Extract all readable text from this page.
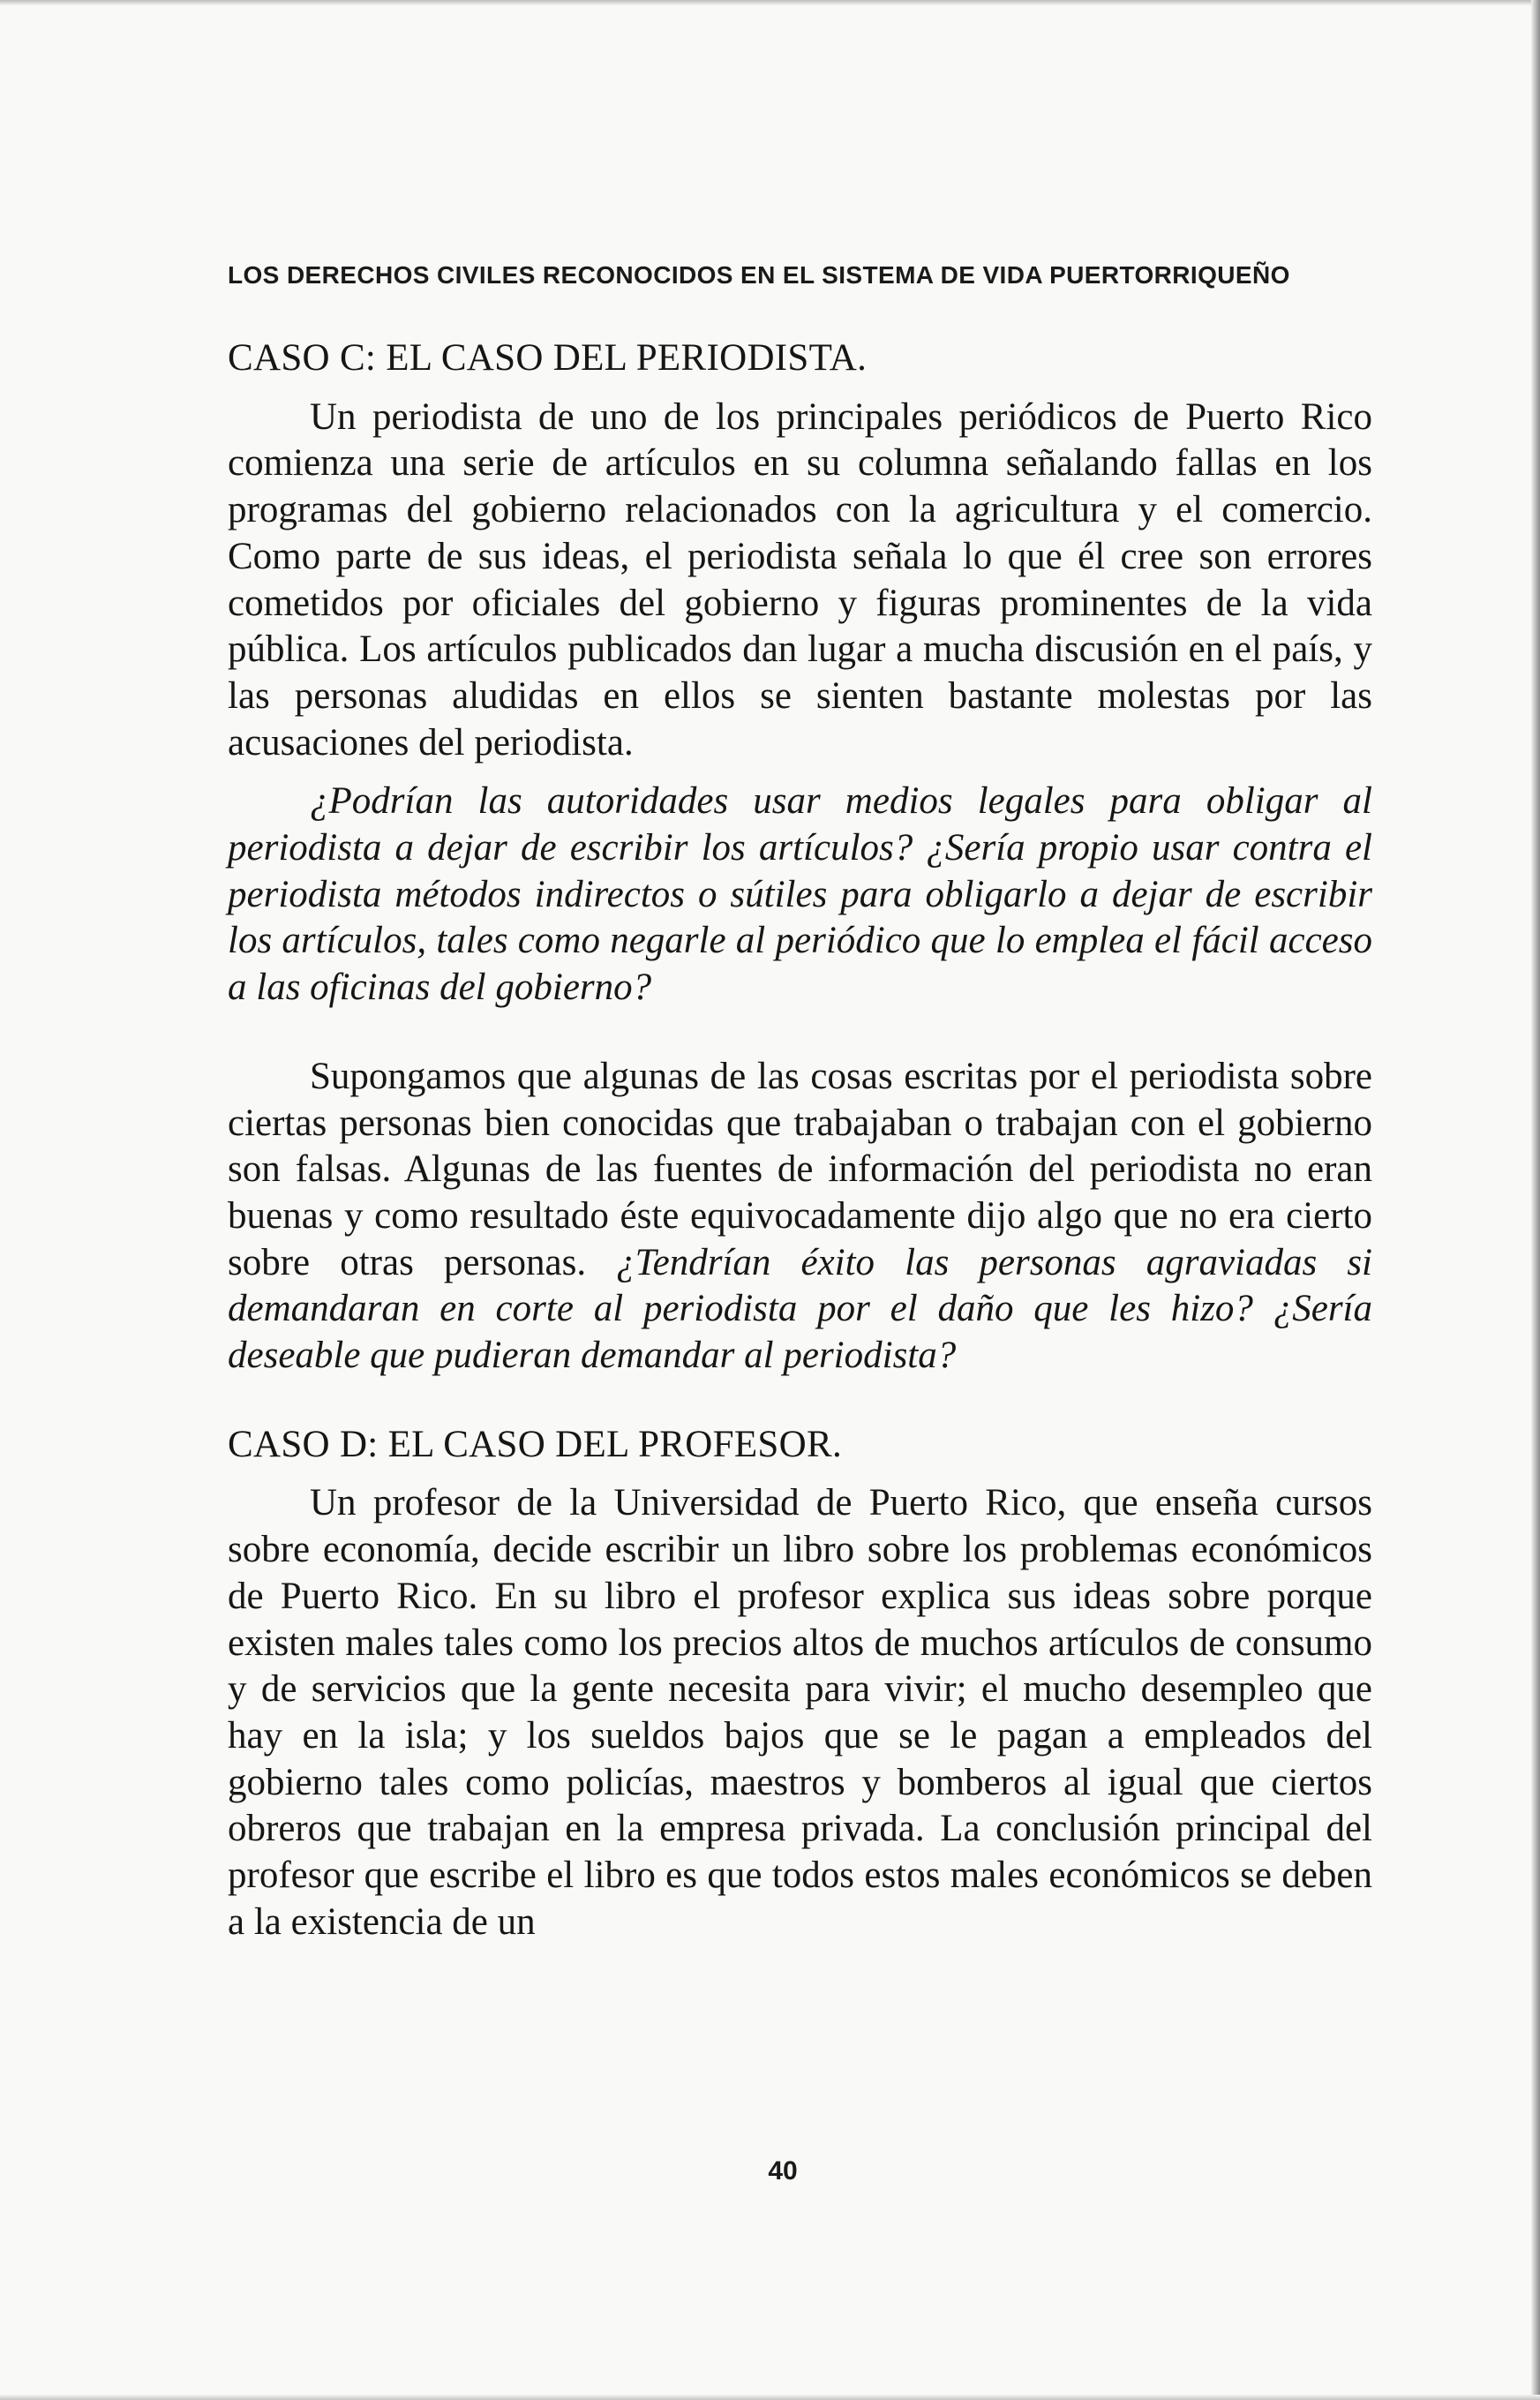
LOS DERECHOS CIVILES RECONOCIDOS EN EL SISTEMA DE VIDA PUERTORRIQUEÑO

CASO C: EL CASO DEL PERIODISTA.

Un periodista de uno de los principales periódicos de Puerto Rico comienza una serie de artículos en su columna señalando fallas en los programas del gobierno relacionados con la agricultura y el comercio. Como parte de sus ideas, el periodista señala lo que él cree son errores cometidos por oficiales del gobierno y figuras prominentes de la vida pública. Los artículos publicados dan lugar a mucha discusión en el país, y las personas aludidas en ellos se sienten bastante molestas por las acusaciones del periodista.

¿Podrían las autoridades usar medios legales para obligar al periodista a dejar de escribir los artículos? ¿Sería propio usar contra el periodista métodos indirectos o sútiles para obligarlo a dejar de escribir los artículos, tales como negarle al periódico que lo emplea el fácil acceso a las oficinas del gobierno?

Supongamos que algunas de las cosas escritas por el periodista sobre ciertas personas bien conocidas que trabajaban o trabajan con el gobierno son falsas. Algunas de las fuentes de información del periodista no eran buenas y como resultado éste equivocadamente dijo algo que no era cierto sobre otras personas. ¿Tendrían éxito las personas agraviadas si demandaran en corte al periodista por el daño que les hizo? ¿Sería deseable que pudieran demandar al periodista?

CASO D: EL CASO DEL PROFESOR.

Un profesor de la Universidad de Puerto Rico, que enseña cursos sobre economía, decide escribir un libro sobre los problemas económicos de Puerto Rico. En su libro el profesor explica sus ideas sobre porque existen males tales como los precios altos de muchos artículos de consumo y de servicios que la gente necesita para vivir; el mucho desempleo que hay en la isla; y los sueldos bajos que se le pagan a empleados del gobierno tales como policías, maestros y bomberos al igual que ciertos obreros que trabajan en la empresa privada. La conclusión principal del profesor que escribe el libro es que todos estos males económicos se deben a la existencia de un

40
